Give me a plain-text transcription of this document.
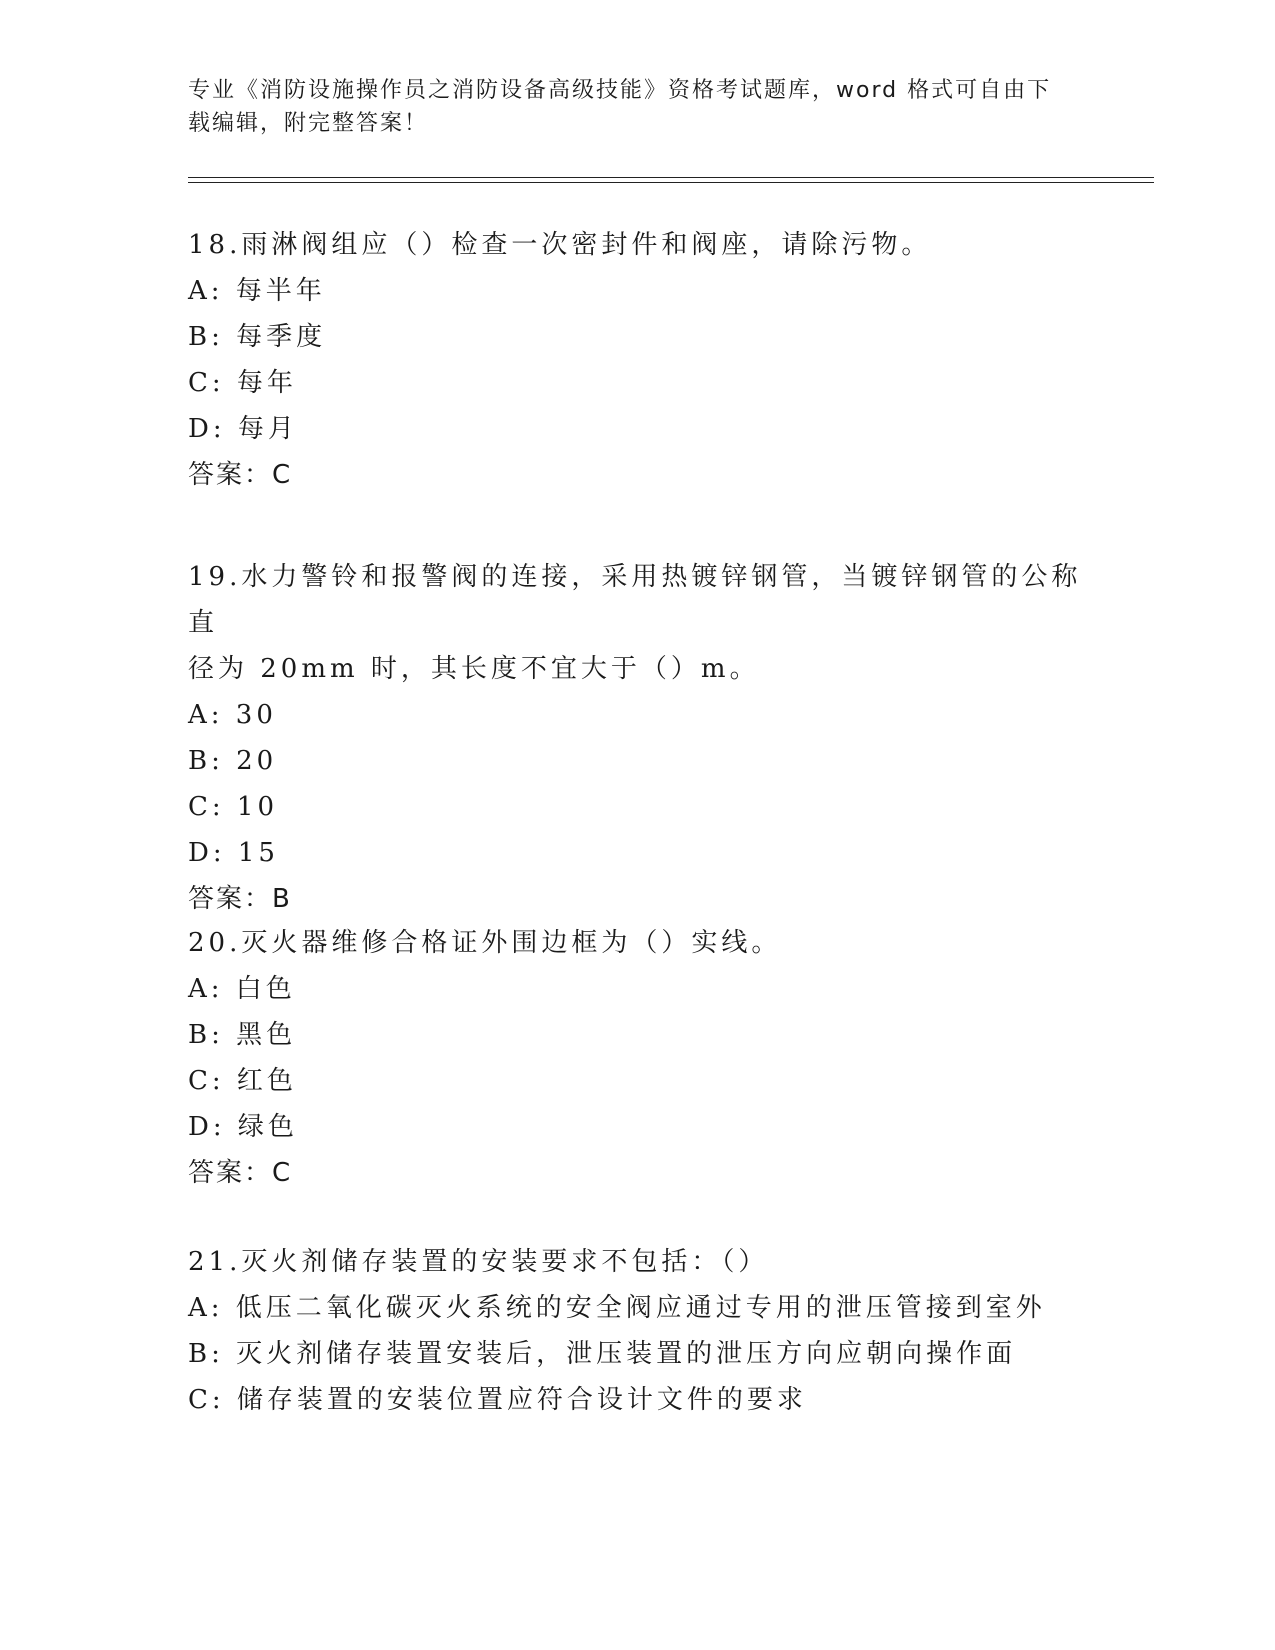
专业《消防设施操作员之消防设备高级技能》资格考试题库，word 格式可自由下
载编辑，附完整答案！

18.雨淋阀组应（）检查一次密封件和阀座，请除污物。

A: 每半年

B: 每季度

C: 每年

D: 每月

答案：C

19.水力警铃和报警阀的连接，采用热镀锌钢管，当镀锌钢管的公称直

径为 20mm 时，其长度不宜大于（）m。

A: 30

B: 20

C: 10

D: 15

答案：B

20.灭火器维修合格证外围边框为（）实线。

A: 白色

B: 黑色

C: 红色

D: 绿色

答案：C

21.灭火剂储存装置的安装要求不包括：（）

A: 低压二氧化碳灭火系统的安全阀应通过专用的泄压管接到室外

B: 灭火剂储存装置安装后，泄压装置的泄压方向应朝向操作面

C: 储存装置的安装位置应符合设计文件的要求
